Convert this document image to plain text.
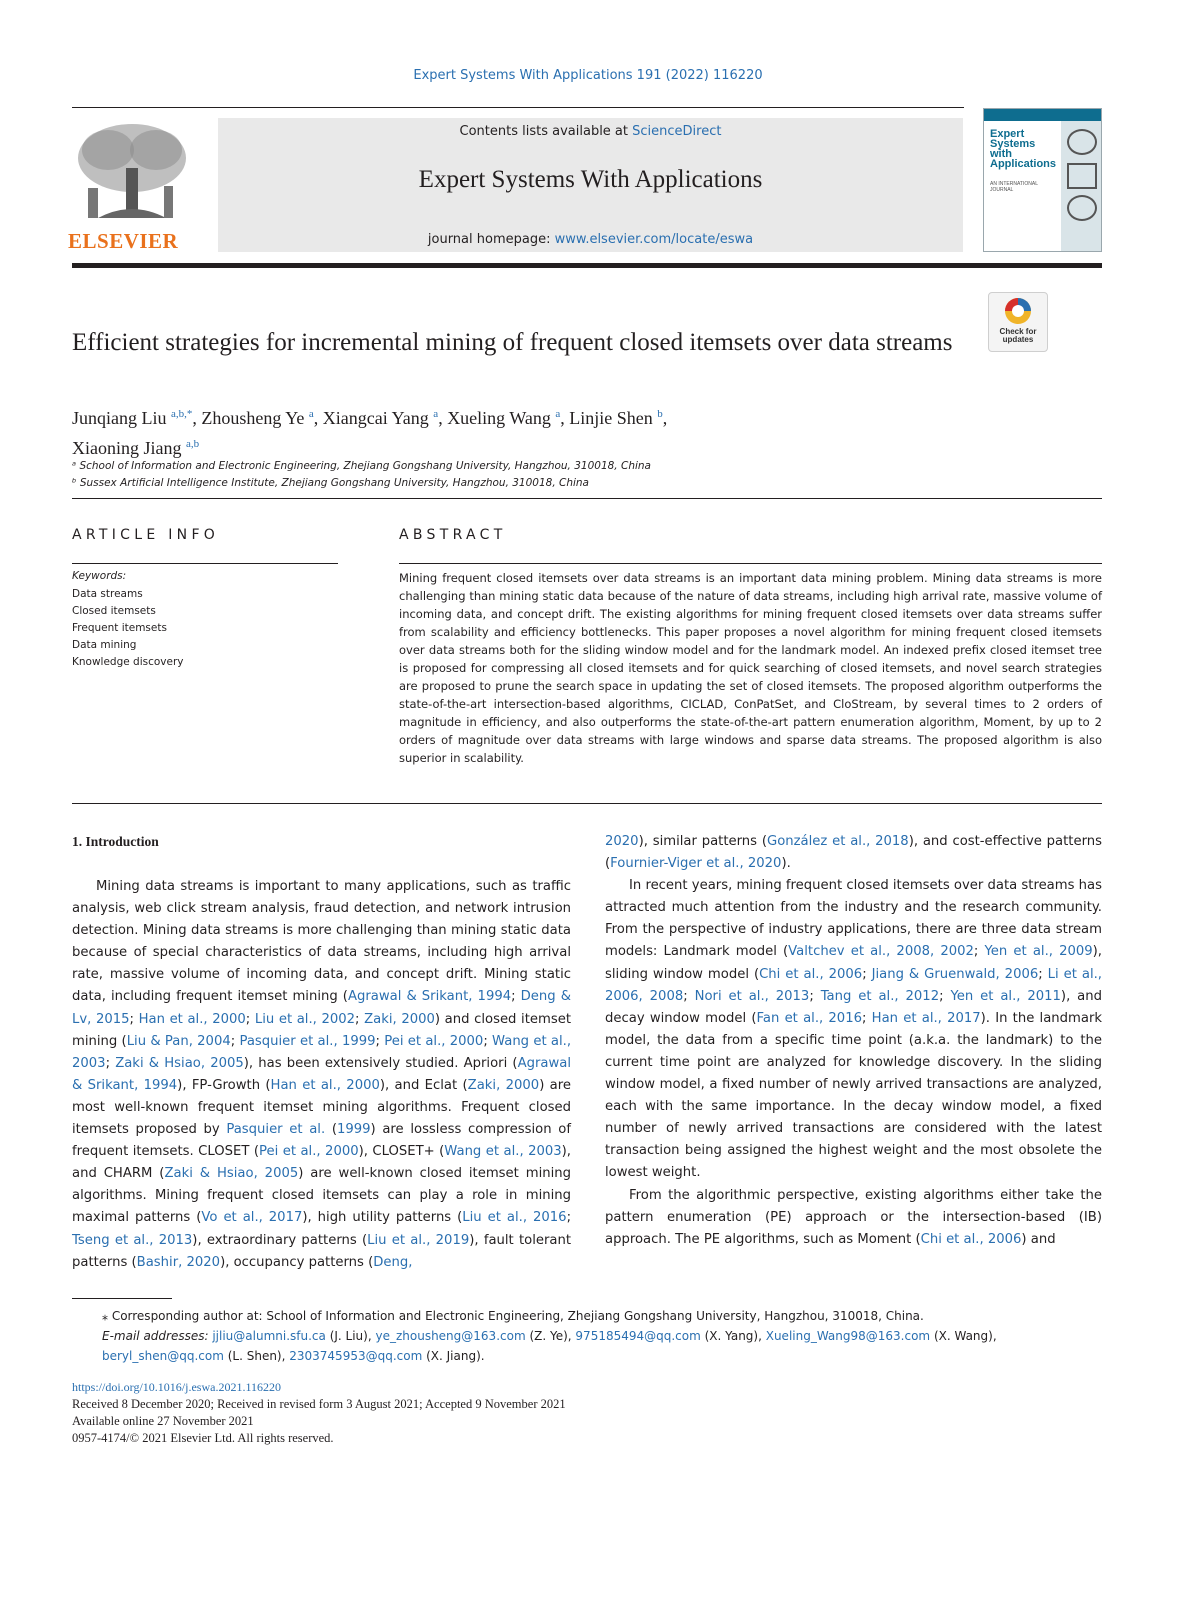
Expert Systems With Applications 191 (2022) 116220
ELSEVIER
Contents lists available at ScienceDirect
Expert Systems With Applications
journal homepage: www.elsevier.com/locate/eswa
Expert Systems with Applications
AN INTERNATIONAL JOURNAL
Efficient strategies for incremental mining of frequent closed itemsets over data streams	Check for updates
Junqiang Liu $^{a,b,*}$, Zhousheng Ye $^a$, Xiangcai Yang $^a$, Xueling Wang $^a$, Linjie Shen $^b$,
Xiaoning Jiang $^{a,b}$
ᵃ School of Information and Electronic Engineering, Zhejiang Gongshang University, Hangzhou, 310018, China
ᵇ Sussex Artificial Intelligence Institute, Zhejiang Gongshang University, Hangzhou, 310018, China
ARTICLE INFO	ABSTRACT
Keywords:
Data streams
Closed itemsets
Frequent itemsets
Data mining
Knowledge discovery

Mining frequent closed itemsets over data streams is an important data mining problem. Mining data streams is more challenging than mining static data because of the nature of data streams, including high arrival rate, massive volume of incoming data, and concept drift. The existing algorithms for mining frequent closed itemsets over data streams suffer from scalability and efficiency bottlenecks. This paper proposes a novel algorithm for mining frequent closed itemsets over data streams both for the sliding window model and for the landmark model. An indexed prefix closed itemset tree is proposed for compressing all closed itemsets and for quick searching of closed itemsets, and novel search strategies are proposed to prune the search space in updating the set of closed itemsets. The proposed algorithm outperforms the state-of-the-art intersection-based algorithms, CICLAD, ConPatSet, and CloStream, by several times to 2 orders of magnitude in efficiency, and also outperforms the state-of-the-art pattern enumeration algorithm, Moment, by up to 2 orders of magnitude over data streams with large windows and sparse data streams. The proposed algorithm is also superior in scalability.

1. Introduction

Mining data streams is important to many applications, such as traffic analysis, web click stream analysis, fraud detection, and network intrusion detection. Mining data streams is more challenging than mining static data because of special characteristics of data streams, including high arrival rate, massive volume of incoming data, and concept drift. Mining static data, including frequent itemset mining (Agrawal & Srikant, 1994; Deng & Lv, 2015; Han et al., 2000; Liu et al., 2002; Zaki, 2000) and closed itemset mining (Liu & Pan, 2004; Pasquier et al., 1999; Pei et al., 2000; Wang et al., 2003; Zaki & Hsiao, 2005), has been extensively studied. Apriori (Agrawal & Srikant, 1994), FP-Growth (Han et al., 2000), and Eclat (Zaki, 2000) are most well-known frequent itemset mining algorithms. Frequent closed itemsets proposed by Pasquier et al. (1999) are lossless compression of frequent itemsets. CLOSET (Pei et al., 2000), CLOSET+ (Wang et al., 2003), and CHARM (Zaki & Hsiao, 2005) are well-known closed itemset mining algorithms. Mining frequent closed itemsets can play a role in mining maximal patterns (Vo et al., 2017), high utility patterns (Liu et al., 2016; Tseng et al., 2013), extraordinary patterns (Liu et al., 2019), fault tolerant patterns (Bashir, 2020), occupancy patterns (Deng,

2020), similar patterns (González et al., 2018), and cost-effective patterns (Fournier-Viger et al., 2020).

In recent years, mining frequent closed itemsets over data streams has attracted much attention from the industry and the research community. From the perspective of industry applications, there are three data stream models: Landmark model (Valtchev et al., 2008, 2002; Yen et al., 2009), sliding window model (Chi et al., 2006; Jiang & Gruenwald, 2006; Li et al., 2006, 2008; Nori et al., 2013; Tang et al., 2012; Yen et al., 2011), and decay window model (Fan et al., 2016; Han et al., 2017). In the landmark model, the data from a specific time point (a.k.a. the landmark) to the current time point are analyzed for knowledge discovery. In the sliding window model, a fixed number of newly arrived transactions are analyzed, each with the same importance. In the decay window model, a fixed number of newly arrived transactions are considered with the latest transaction being assigned the highest weight and the most obsolete the lowest weight.

From the algorithmic perspective, existing algorithms either take the pattern enumeration (PE) approach or the intersection-based (IB) approach. The PE algorithms, such as Moment (Chi et al., 2006) and

⁎ Corresponding author at: School of Information and Electronic Engineering, Zhejiang Gongshang University, Hangzhou, 310018, China.
E-mail addresses: jjliu@alumni.sfu.ca (J. Liu), ye_zhousheng@163.com (Z. Ye), 975185494@qq.com (X. Yang), Xueling_Wang98@163.com (X. Wang),
beryl_shen@qq.com (L. Shen), 2303745953@qq.com (X. Jiang).
https://doi.org/10.1016/j.eswa.2021.116220
Received 8 December 2020; Received in revised form 3 August 2021; Accepted 9 November 2021
Available online 27 November 2021
0957-4174/© 2021 Elsevier Ltd. All rights reserved.
